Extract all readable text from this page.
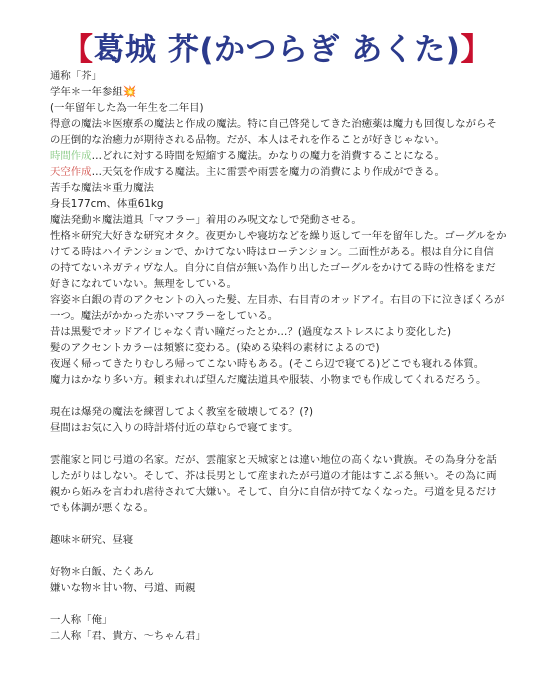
【葛城 芥(かつらぎ あくた)】
通称「芥」
学年＊一年参組💥
(一年留年した為一年生を二年目)
得意の魔法＊医療系の魔法と作成の魔法。特に自己啓発してきた治癒薬は魔力も回復しながらそ
の圧倒的な治癒力が期待される品物。だが、本人はそれを作ることが好きじゃない。
時間作成…どれに対する時間を短縮する魔法。かなりの魔力を消費することになる。
天空作成…天気を作成する魔法。主に雷雲や雨雲を魔力の消費により作成ができる。
苦手な魔法＊重力魔法
身長177cm、体重61kg
魔法発動＊魔法道具「マフラー」着用のみ呪文なしで発動させる。
性格＊研究大好きな研究オタク。夜更かしや寝坊などを繰り返して一年を留年した。ゴーグルをか
けてる時はハイテンションで、かけてない時はローテンション。二面性がある。根は自分に自信
の持てないネガティヴな人。自分に自信が無い為作り出したゴーグルをかけてる時の性格をまだ
好きになれていない。無理をしている。
容姿＊白銀の青のアクセントの入った髪、左目赤、右目青のオッドアイ。右目の下に泣きぼくろが
一つ。魔法がかかった赤いマフラーをしている。
昔は黒髪でオッドアイじゃなく青い瞳だったとか…？(過度なストレスにより変化した)
髪のアクセントカラーは頻繁に変わる。(染める染料の素材によるので)
夜遅く帰ってきたりむしろ帰ってこない時もある。(そこら辺で寝てる)どこでも寝れる体質。
魔力はかなり多い方。頼まれれば望んだ魔法道具や服装、小物までも作成してくれるだろう。
現在は爆発の魔法を練習してよく教室を破壊してる？(?)
昼間はお気に入りの時計塔付近の草むらで寝てます。
雲龍家と同じ弓道の名家。だが、雲龍家と天城家とは違い地位の高くない貴族。その為身分を話
したがりはしない。そして、芥は長男として産まれたが弓道の才能はすこぶる無い。その為に両
親から妬みを言われ虐待されて大嫌い。そして、自分に自信が持てなくなった。弓道を見るだけ
でも体調が悪くなる。
趣味＊研究、昼寝
好物＊白飯、たくあん
嫌いな物＊甘い物、弓道、両親
一人称「俺」
二人称「君、貴方、～ちゃん君」
